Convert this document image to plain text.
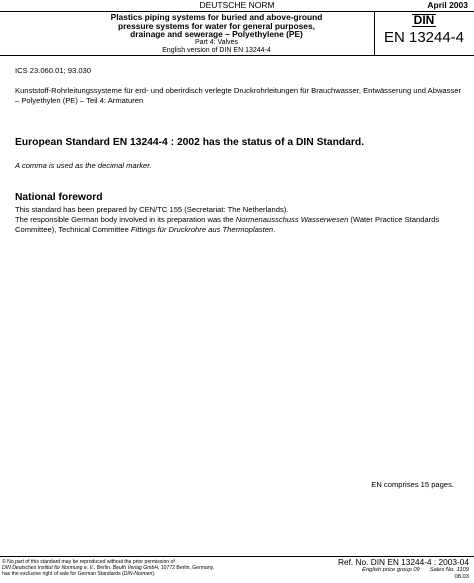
DEUTSCHE NORM	April 2003
Plastics piping systems for buried and above-ground
pressure systems for water for general purposes,
drainage and sewerage – Polyethylene (PE)
Part 4: Valves
English version of DIN EN 13244-4
DIN
EN 13244-4
ICS 23.060.01; 93.030
Kunststoff-Rohrleitungssysteme für erd- und oberirdisch verlegte Druckrohrleitungen für Brauchwasser, Entwässerung und Abwasser – Polyethylen (PE) – Teil 4: Armaturen
European Standard EN 13244-4 : 2002 has the status of a DIN Standard.
A comma is used as the decimal marker.
National foreword
This standard has been prepared by CEN/TC 155 (Secretariat: The Netherlands).
The responsible German body involved in its preparation was the Normenausschuss Wasserwesen (Water Practice Standards Committee), Technical Committee Fittings für Druckrohre aus Thermoplasten.
EN comprises 15 pages.
© No part of this standard may be reproduced without the prior permission of
DIN Deutsches Institut für Normung e. V., Berlin. Beuth Verlag GmbH, 10772 Berlin, Germany,
has the exclusive right of sale for German Standards (DIN-Normen).
Ref. No. DIN EN 13244-4 : 2003-04
English price group 09 Sales No. 1109
08.03
